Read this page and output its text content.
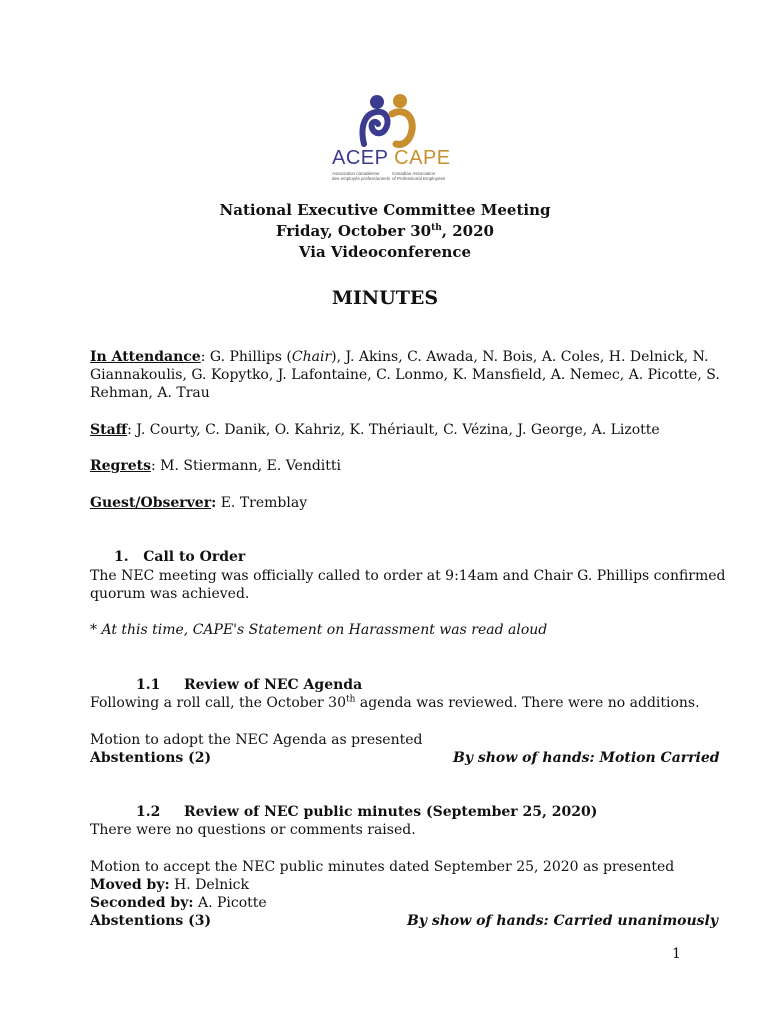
ACEP CAPE
Association canadienne	Canadian Association
des employés professionnels of Professional Employees
National Executive Committee Meeting
Friday, October 30th, 2020
Via Videoconference
MINUTES
In Attendance: G. Phillips (Chair), J. Akins, C. Awada, N. Bois, A. Coles, H. Delnick, N.
Giannakoulis, G. Kopytko, J. Lafontaine, C. Lonmo, K. Mansfield, A. Nemec, A. Picotte, S.
Rehman, A. Trau
Staff: J. Courty, C. Danik, O. Kahriz, K. Thériault, C. Vézina, J. George, A. Lizotte
Regrets: M. Stiermann, E. Venditti
Guest/Observer: E. Tremblay
1.   Call to Order
The NEC meeting was officially called to order at 9:14am and Chair G. Phillips confirmed
quorum was achieved.
* At this time, CAPE's Statement on Harassment was read aloud
1.1 Review of NEC Agenda
Following a roll call, the October 30th agenda was reviewed. There were no additions.
Motion to adopt the NEC Agenda as presented
Abstentions (2)	By show of hands: Motion Carried
1.2 Review of NEC public minutes (September 25, 2020)
There were no questions or comments raised.
Motion to accept the NEC public minutes dated September 25, 2020 as presented
Moved by: H. Delnick
Seconded by: A. Picotte
Abstentions (3)	By show of hands: Carried unanimously
1
